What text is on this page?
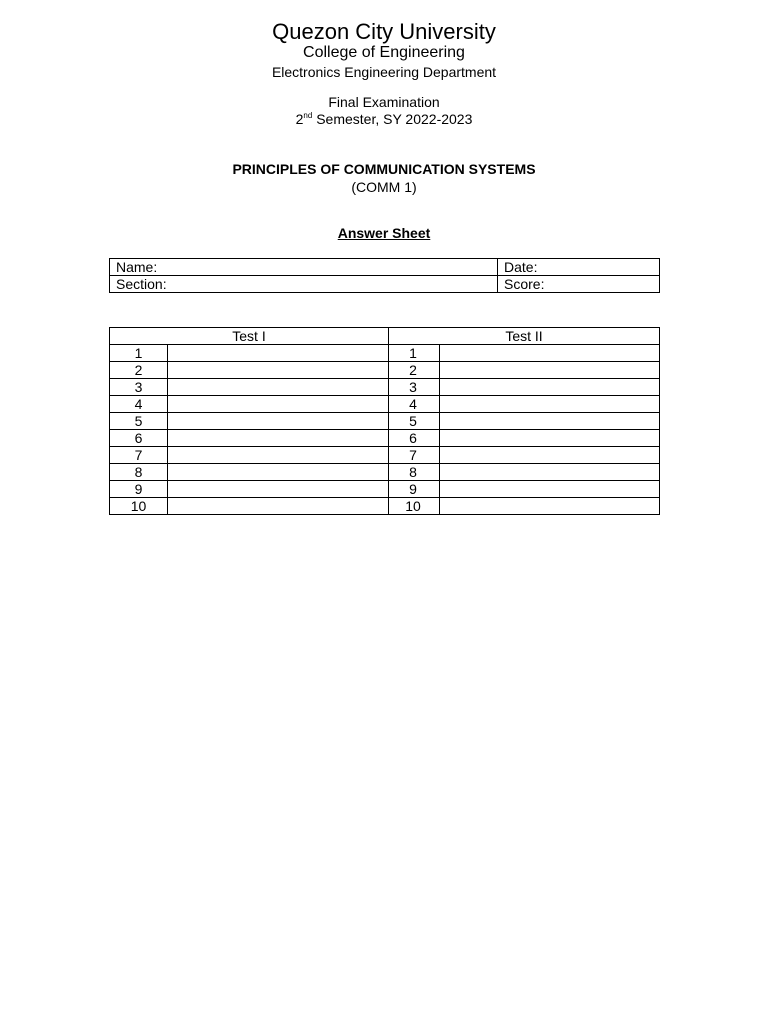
Quezon City University
College of Engineering
Electronics Engineering Department
Final Examination
2nd Semester, SY 2022-2023
PRINCIPLES OF COMMUNICATION SYSTEMS
(COMM 1)
Answer Sheet
Name:	Date:
Section:	Score:
Test I		Test II	
1		1	
2		2	
3		3	
4		4	
5		5	
6		6	
7		7	
8		8	
9		9	
10		10	
